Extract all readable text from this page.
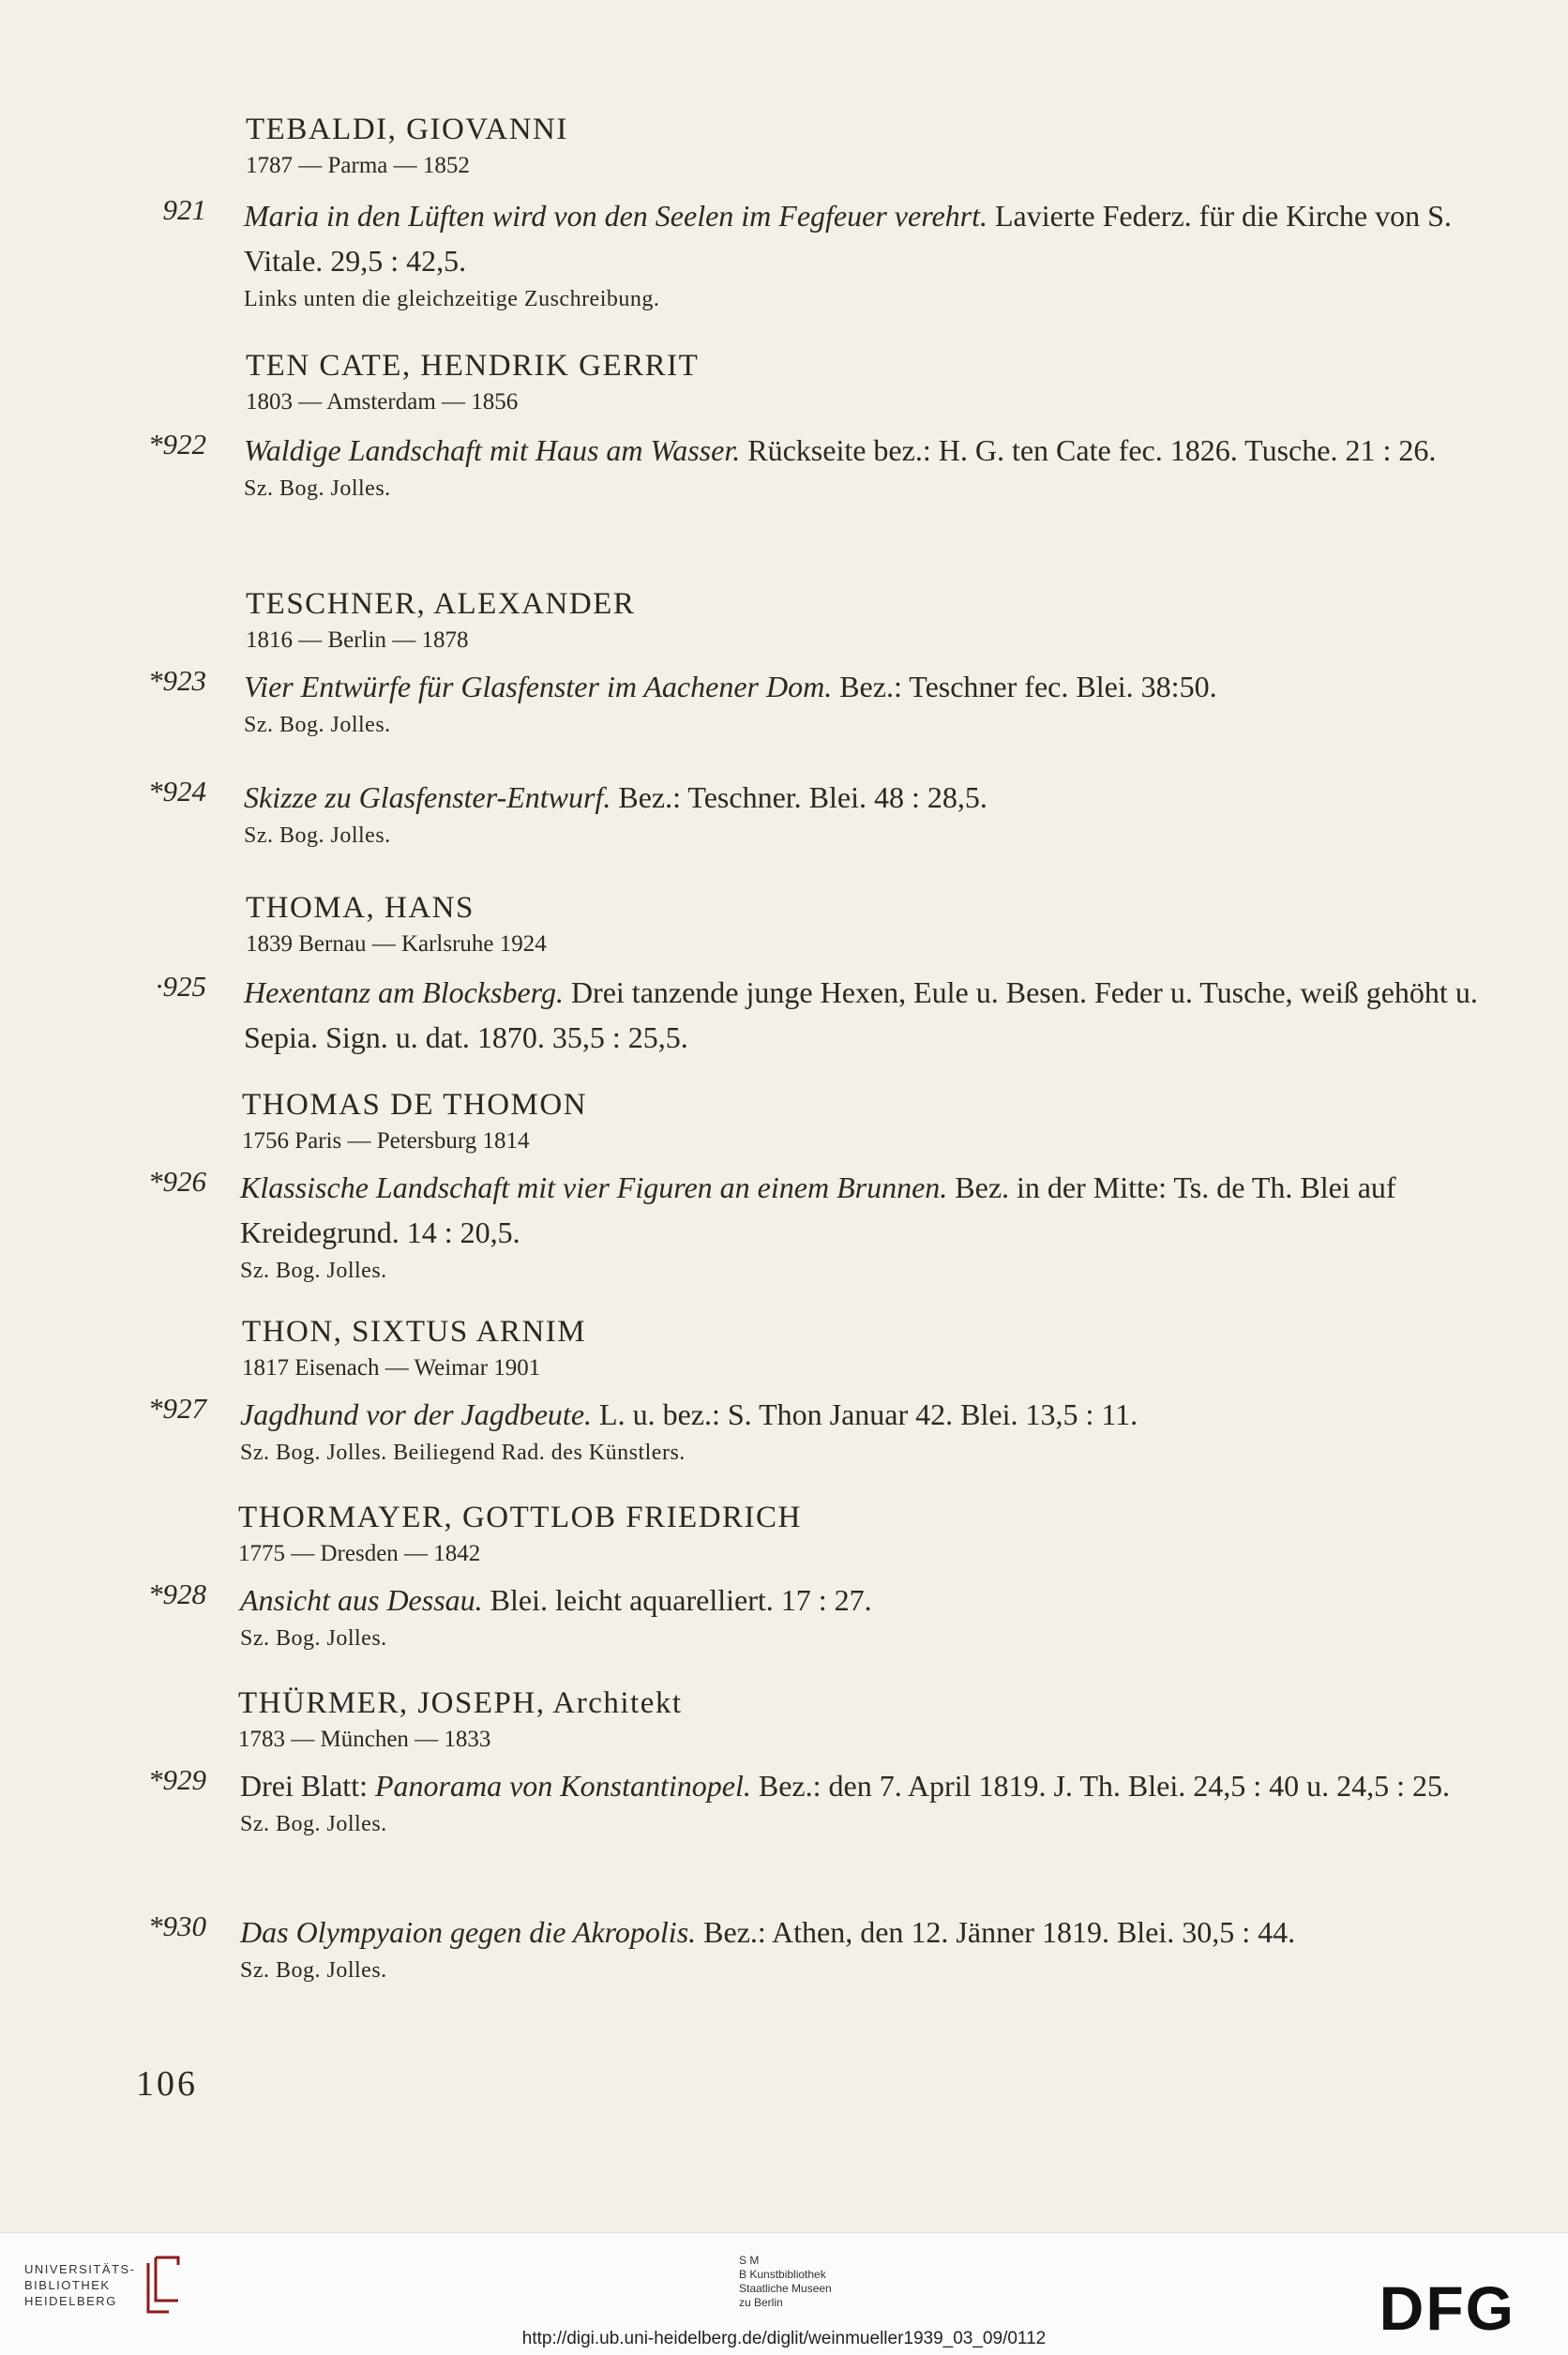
TEBALDI, GIOVANNI
1787 — Parma — 1852
921 Maria in den Lüften wird von den Seelen im Fegfeuer verehrt. Lavierte Federz. für die Kirche von S. Vitale. 29,5 : 42,5.
Links unten die gleichzeitige Zuschreibung.
TEN CATE, HENDRIK GERRIT
1803 — Amsterdam — 1856
*922 Waldige Landschaft mit Haus am Wasser. Rückseite bez.: H. G. ten Cate fec. 1826. Tusche. 21 : 26.
Sz. Bog. Jolles.
TESCHNER, ALEXANDER
1816 — Berlin — 1878
*923 Vier Entwürfe für Glasfenster im Aachener Dom. Bez.: Teschner fec. Blei. 38:50.
Sz. Bog. Jolles.
*924 Skizze zu Glasfenster-Entwurf. Bez.: Teschner. Blei. 48 : 28,5.
Sz. Bog. Jolles.
THOMA, HANS
1839 Bernau — Karlsruhe 1924
·925 Hexentanz am Blocksberg. Drei tanzende junge Hexen, Eule u. Besen. Feder u. Tusche, weiß gehöht u. Sepia. Sign. u. dat. 1870. 35,5 : 25,5.
THOMAS DE THOMON
1756 Paris — Petersburg 1814
*926 Klassische Landschaft mit vier Figuren an einem Brunnen. Bez. in der Mitte: Ts. de Th. Blei auf Kreidegrund. 14 : 20,5.
Sz. Bog. Jolles.
THON, SIXTUS ARNIM
1817 Eisenach — Weimar 1901
*927 Jagdhund vor der Jagdbeute. L. u. bez.: S. Thon Januar 42. Blei. 13,5 : 11.
Sz. Bog. Jolles. Beiliegend Rad. des Künstlers.
THORMAYER, GOTTLOB FRIEDRICH
1775 — Dresden — 1842
*928 Ansicht aus Dessau. Blei. leicht aquarelliert. 17 : 27.
Sz. Bog. Jolles.
THÜRMER, JOSEPH, Architekt
1783 — München — 1833
*929 Drei Blatt: Panorama von Konstantinopel. Bez.: den 7. April 1819. J. Th. Blei. 24,5 : 40 u. 24,5 : 25.
Sz. Bog. Jolles.
*930 Das Olympyaion gegen die Akropolis. Bez.: Athen, den 12. Jänner 1819. Blei. 30,5 : 44.
Sz. Bog. Jolles.
106
UNIVERSITÄTS-
BIBLIOTHEK
HEIDELBERG
S M
B Kunstbibliothek
Staatliche Museen
zu Berlin	DFG
http://digi.ub.uni-heidelberg.de/diglit/weinmueller1939_03_09/0112
